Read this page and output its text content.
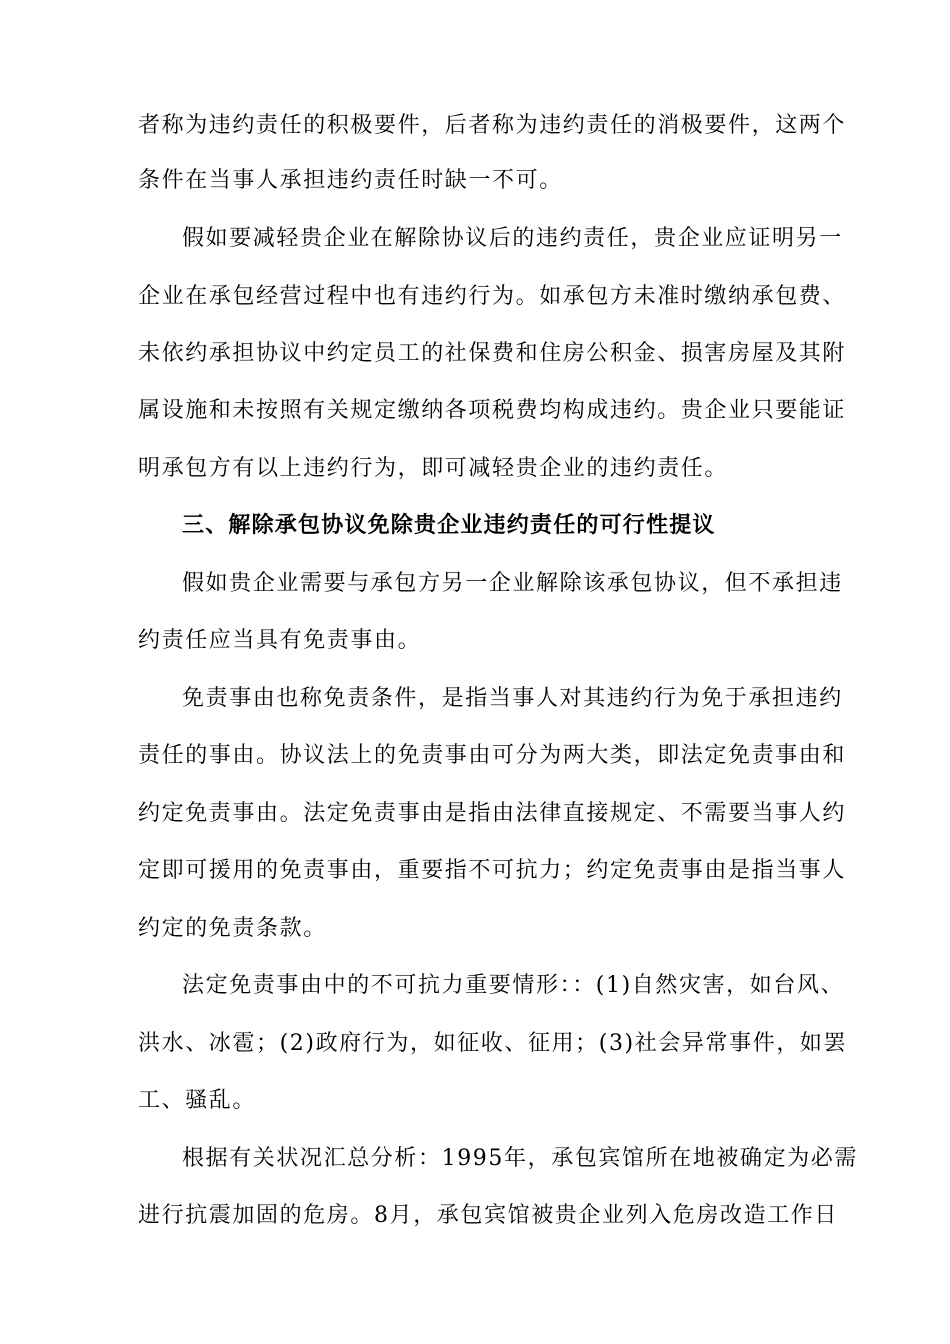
者称为违约责任的积极要件，后者称为违约责任的消极要件，这两个
条件在当事人承担违约责任时缺一不可。
假如要减轻贵企业在解除协议后的违约责任，贵企业应证明另一
企业在承包经营过程中也有违约行为。如承包方未准时缴纳承包费、
未依约承担协议中约定员工的社保费和住房公积金、损害房屋及其附
属设施和未按照有关规定缴纳各项税费均构成违约。贵企业只要能证
明承包方有以上违约行为，即可减轻贵企业的违约责任。
三、解除承包协议免除贵企业违约责任的可行性提议
假如贵企业需要与承包方另一企业解除该承包协议，但不承担违
约责任应当具有免责事由。
免责事由也称免责条件，是指当事人对其违约行为免于承担违约
责任的事由。协议法上的免责事由可分为两大类，即法定免责事由和
约定免责事由。法定免责事由是指由法律直接规定、不需要当事人约
定即可援用的免责事由，重要指不可抗力；约定免责事由是指当事人
约定的免责条款。
法定免责事由中的不可抗力重要情形：：(1)自然灾害，如台风、
洪水、冰雹；(2)政府行为，如征收、征用；(3)社会异常事件，如罢
工、骚乱。
根据有关状况汇总分析：1995年，承包宾馆所在地被确定为必需
进行抗震加固的危房。8月，承包宾馆被贵企业列入危房改造工作日
